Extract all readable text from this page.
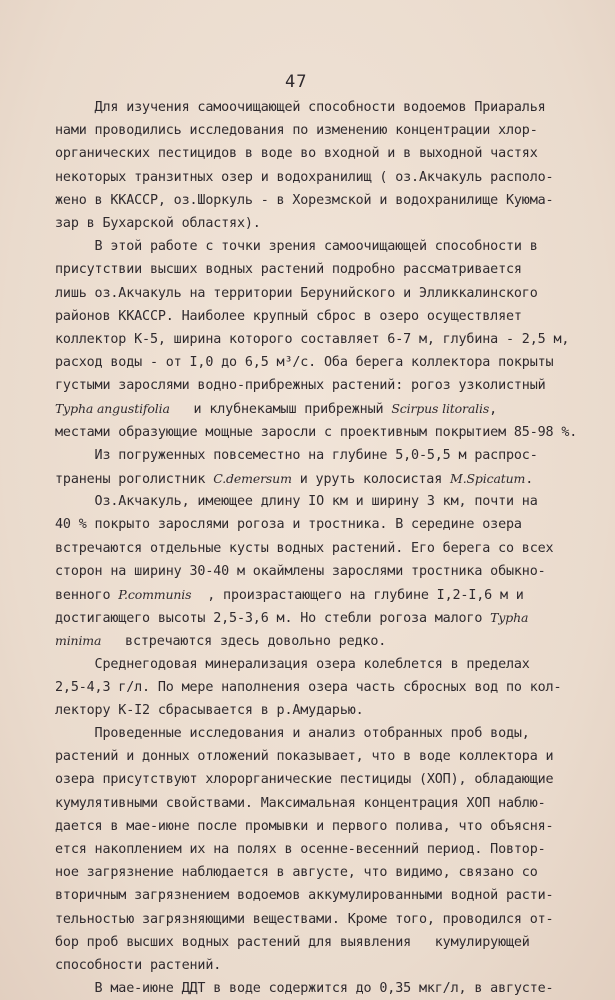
47
Для изучения самоочищающей способности водоемов Приаралья
нами проводились исследования по изменению концентрации хлор-
органических пестицидов в воде во входной и в выходной частях
некоторых транзитных озер и водохранилищ ( оз.Акчакуль располо-
жено в ККАССР, оз.Шоркуль - в Хорезмской и водохранилище Куюма-
зар в Бухарской областях).
В этой работе с точки зрения самоочищающей способности в
присутствии высших водных растений подробно рассматривается
лишь оз.Акчакуль на территории Берунийского и Элликкалинского
районов ККАССР. Наиболее крупный сброс в озеро осуществляет
коллектор К-5, ширина которого составляет 6-7 м, глубина - 2,5 м,
расход воды - от I,0 до 6,5 м³/с. Оба берега коллектора покрыты
густыми зарослями водно-прибрежных растений: рогоз узколистный
Typha angustifolia   и клубнекамыш прибрежный Scirpus litoralis,
местами образующие мощные заросли с проективным покрытием 85-98 %.
Из погруженных повсеместно на глубине 5,0-5,5 м распрос-
транены роголистник C.demersum и уруть колосистая M.Spicatum.
Оз.Акчакуль, имеющее длину IO км и ширину 3 км, почти на
40 % покрыто зарослями рогоза и тростника. В середине озера
встречаются отдельные кусты водных растений. Его берега со всех
сторон на ширину 30-40 м окаймлены зарослями тростника обыкно-
венного P.communis  , произрастающего на глубине I,2-I,6 м и
достигающего высоты 2,5-3,6 м. Но стебли рогоза малого Typha
minima   встречаются здесь довольно редко.
Среднегодовая минерализация озера колеблется в пределах
2,5-4,3 г/л. По мере наполнения озера часть сбросных вод по кол-
лектору К-I2 сбрасывается в р.Амударью.
Проведенные исследования и анализ отобранных проб воды,
растений и донных отложений показывает, что в воде коллектора и
озера присутствуют хлорорганические пестициды (ХОП), обладающие
кумулятивными свойствами. Максимальная концентрация ХОП наблю-
дается в мае-июне после промывки и первого полива, что объясня-
ется накоплением их на полях в осенне-весенний период. Повтор-
ное загрязнение наблюдается в августе, что видимо, связано со
вторичным загрязнением водоемов аккумулированными водной расти-
тельностью загрязняющими веществами. Кроме того, проводился от-
бор проб высших водных растений для выявления   кумулирующей
способности растений.
В мае-июне ДДТ в воде содержится до 0,35 мкг/л, в августе-
